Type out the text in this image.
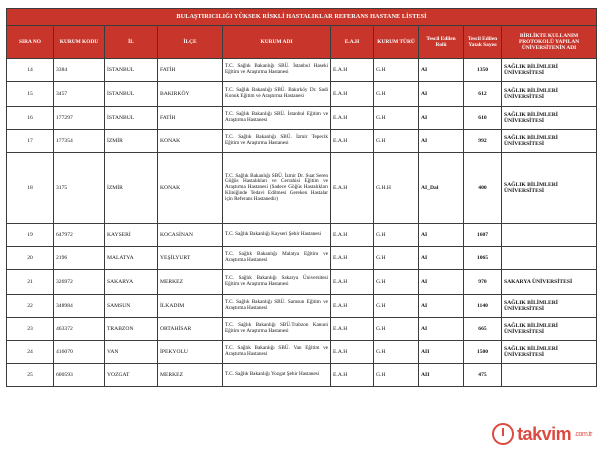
BULAŞTIRICILIĞI YÜKSEK RİSKLİ HASTALIKLAR REFERANS HASTANE LİSTESİ									
SIRA NO	KURUM KODU	İL	İLÇE	KURUM ADI	E.A.H	KURUM TÜRÜ	Tescil Edilen Rolü	Tescil Edilen Yatak Sayısı	BİRLİKTE KULLANIM PROTOKOLÜ YAPILAN ÜNİVERSİTENİN ADI
14	3384	İSTANBUL	FATİH	T.C. Sağlık Bakanlığı SBÜ. İstanbul Haseki Eğitim ve Araştırma Hastanesi	E.A.H	G.H	AI	1350	SAĞLIK BİLİMLERİ ÜNİVERSİTESİ
15	3457	İSTANBUL	BAKIRKÖY	T.C. Sağlık Bakanlığı SBÜ. Bakırköy Dr. Sadi Konuk Eğitim ve Araştırma Hastanesi	E.A.H	G.H	AI	612	SAĞLIK BİLİMLERİ ÜNİVERSİTESİ
16	177297	İSTANBUL	FATİH	T.C. Sağlık Bakanlığı SBÜ. İstanbul Eğitim ve Araştırma Hastanesi	E.A.H	G.H	AI	610	SAĞLIK BİLİMLERİ ÜNİVERSİTESİ
17	177354	İZMİR	KONAK	T.C. Sağlık Bakanlığı SBÜ. İzmir Tepecik Eğitim ve Araştırma Hastanesi	E.A.H	G.H	AI	992	SAĞLIK BİLİMLERİ ÜNİVERSİTESİ
18	3175	İZMİR	KONAK	T.C. Sağlık Bakanlığı SBÜ. İzmir Dr. Suat Seren Göğüs Hastalıkları ve Cerrahisi Eğitim ve Araştırma Hastanesi (Sadece Göğüs Hastalıkları Kliniğinde Tedavi Edilmesi Gereken Hastalar için Referans Hastanedir)	E.A.H	G.H.H	AI_Dal	400	SAĞLIK BİLİMLERİ ÜNİVERSİTESİ
19	647972	KAYSERİ	KOCASİNAN	T.C. Sağlık Bakanlığı Kayseri Şehir Hastanesi	E.A.H	G.H	AI	1607	
20	2196	MALATYA	YEŞİLYURT	T.C. Sağlık Bakanlığı Malatya Eğitim ve Araştırma Hastanesi	E.A.H	G.H	AI	1065	
21	326972	SAKARYA	MERKEZ	T.C. Sağlık Bakanlığı Sakarya Üniversitesi Eğitim ve Araştırma Hastanesi	E.A.H	G.H	AI	970	SAKARYA ÜNİVERSİTESİ
22	348984	SAMSUN	İLKADIM	T.C. Sağlık Bakanlığı SBÜ. Samsun Eğitim ve Araştırma Hastanesi	E.A.H	G.H	AI	1140	SAĞLIK BİLİMLERİ ÜNİVERSİTESİ
23	463372	TRABZON	ORTAHİSAR	T.C. Sağlık Bakanlığı SBÜ.Trabzon Kanuni Eğitim ve Araştırma Hastanesi	E.A.H	G.H	AI	665	SAĞLIK BİLİMLERİ ÜNİVERSİTESİ
24	416070	VAN	İPEKYOLU	T.C. Sağlık Bakanlığı SBÜ. Van Eğitim ve Araştırma Hastanesi	E.A.H	G.H	AII	1500	SAĞLIK BİLİMLERİ ÜNİVERSİTESİ
25	600593	YOZGAT	MERKEZ	T.C. Sağlık Bakanlığı Yozgat Şehir Hastanesi	E.A.H	G.H	AII	475	
takvim .com.tr
